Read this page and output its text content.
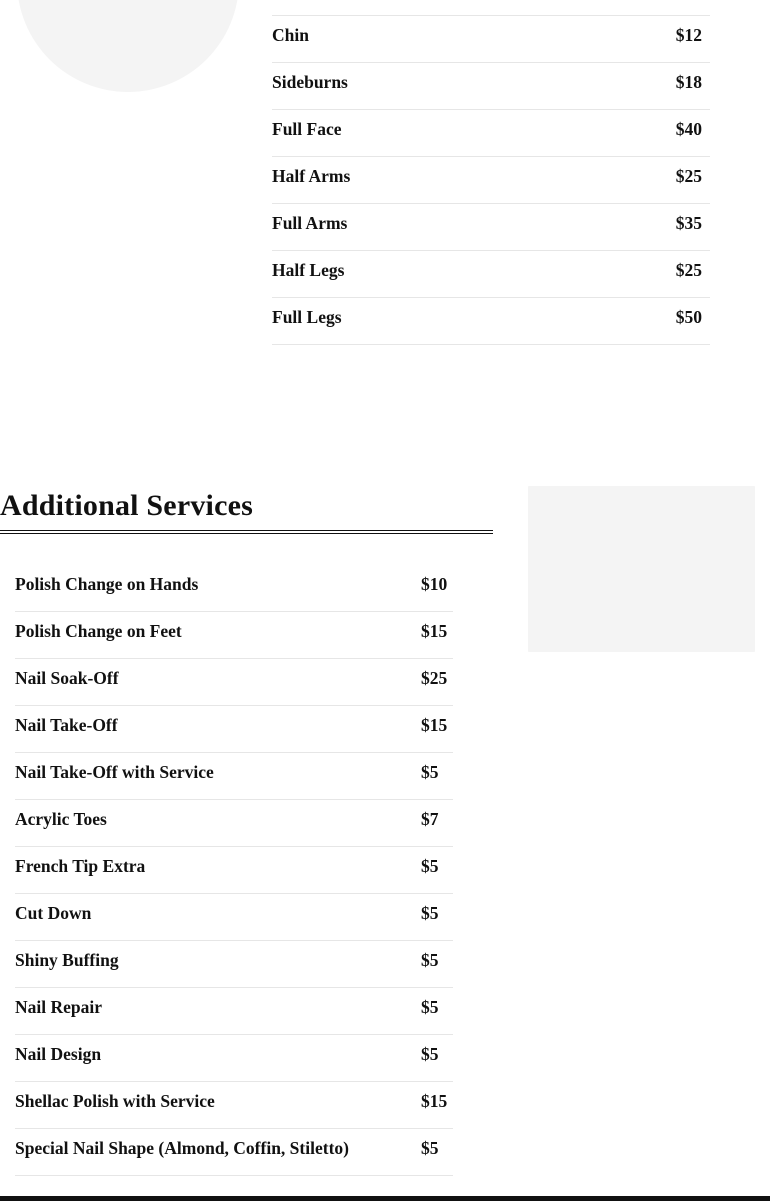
Chin	$12
Sideburns	$18
Full Face	$40
Half Arms	$25
Full Arms	$35
Half Legs	$25
Full Legs	$50
Additional Services
Polish Change on Hands	$10
Polish Change on Feet	$15
Nail Soak-Off	$25
Nail Take-Off	$15
Nail Take-Off with Service	$5
Acrylic Toes	$7
French Tip Extra	$5
Cut Down	$5
Shiny Buffing	$5
Nail Repair	$5
Nail Design	$5
Shellac Polish with Service	$15
Special Nail Shape (Almond, Coffin, Stiletto)	$5
